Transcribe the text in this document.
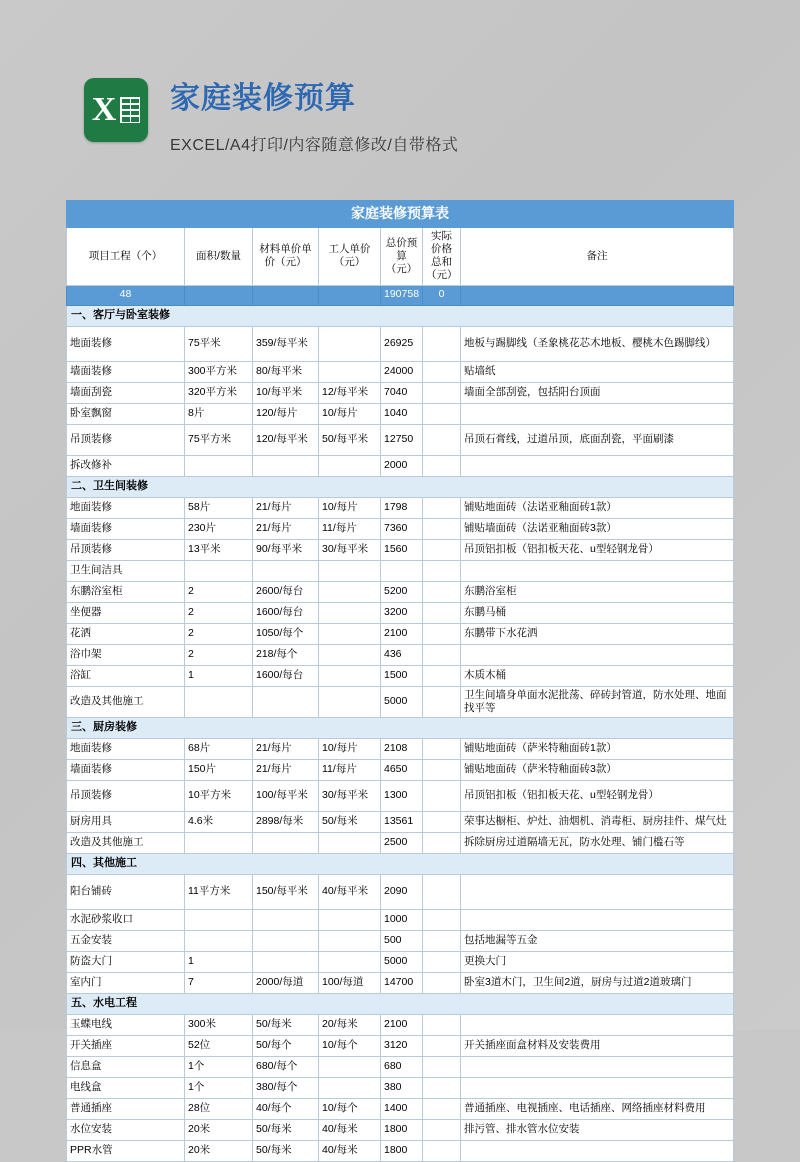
X 家庭装修预算
EXCEL/A4打印/内容随意修改/自带格式
家庭装修预算表						
项目工程（个）	面积/数量	材料单价单价（元）	工人单价（元）	总价预算（元）	实际价格总和（元）	备注
48				190758	0	
一、客厅与卧室装修						
地面装修	75平米	359/每平米		26925		地板与踢脚线（圣象桃花芯木地板、樱桃木色踢脚线）
墙面装修	300平方米	80/每平米		24000		贴墙纸
墙面刮瓷	320平方米	10/每平米	12/每平米	7040		墙面全部刮瓷，包括阳台顶面
卧室飘窗	8片	120/每片	10/每片	1040		
吊顶装修	75平方米	120/每平米	50/每平米	12750		吊顶石膏线，过道吊顶，底面刮瓷，平面刷漆
拆改修补				2000		
二、卫生间装修						
地面装修	58片	21/每片	10/每片	1798		铺贴地面砖（法诺亚釉面砖1款）
墙面装修	230片	21/每片	11/每片	7360		铺贴墙面砖（法诺亚釉面砖3款）
吊顶装修	13平米	90/每平米	30/每平米	1560		吊顶铝扣板（铝扣板天花、u型轻钢龙骨）
卫生间洁具						
东鹏浴室柜	2	2600/每台		5200		东鹏浴室柜
坐便器	2	1600/每台		3200		东鹏马桶
花洒	2	1050/每个		2100		东鹏带下水花洒
浴巾架	2	218/每个		436		
浴缸	1	1600/每台		1500		木质木桶
改造及其他施工				5000		卫生间墙身单面水泥批荡、碎砖封管道，防水处理、地面找平等
三、厨房装修						
地面装修	68片	21/每片	10/每片	2108		铺贴地面砖（萨米特釉面砖1款）
墙面装修	150片	21/每片	11/每片	4650		铺贴地面砖（萨米特釉面砖3款）
吊顶装修	10平方米	100/每平米	30/每平米	1300		吊顶铝扣板（铝扣板天花、u型轻钢龙骨）
厨房用具	4.6米	2898/每米	50/每米	13561		荣事达橱柜、炉灶、油烟机、消毒柜、厨房挂件、煤气灶
改造及其他施工				2500		拆除厨房过道隔墙无瓦，防水处理、铺门槛石等
四、其他施工						
阳台铺砖	11平方米	150/每平米	40/每平米	2090		
水泥砂浆收口				1000		
五金安装				500		包括地漏等五金
防盗大门	1			5000		更换大门
室内门	7	2000/每道	100/每道	14700		卧室3道木门，卫生间2道，厨房与过道2道玻璃门
五、水电工程						
玉蝶电线	300米	50/每米	20/每米	2100		
开关插座	52位	50/每个	10/每个	3120		开关插座面盒材料及安装费用
信息盒	1个	680/每个		680		
电线盒	1个	380/每个		380		
普通插座	28位	40/每个	10/每个	1400		普通插座、电视插座、电话插座、网络插座材料费用
水位安装	20米	50/每米	40/每米	1800		排污管、排水管水位安装
PPR水管	20米	50/每米	40/每米	1800		
